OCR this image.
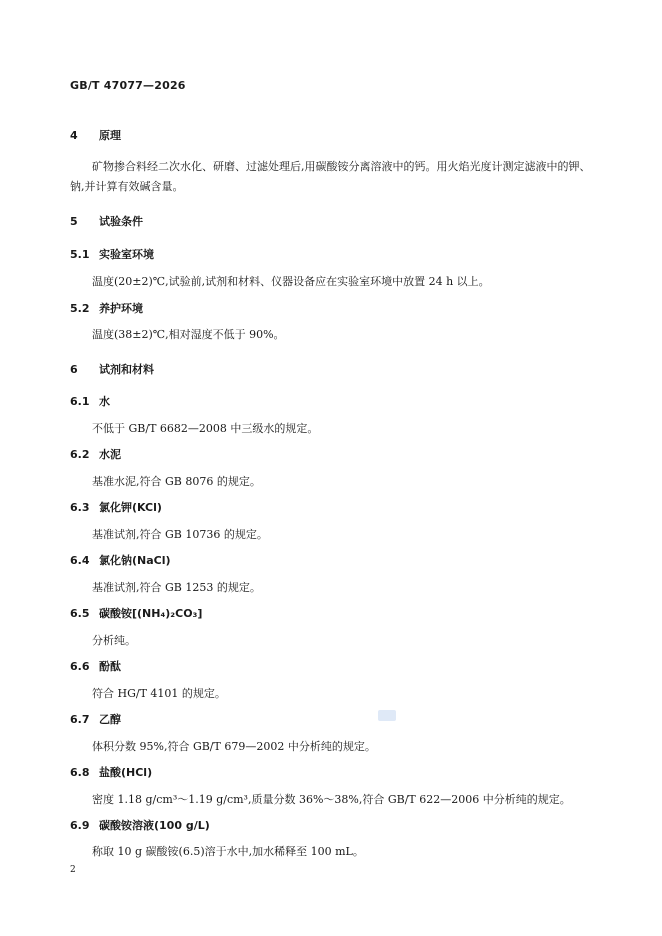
GB/T 47077—2026
4 原理
矿物掺合料经二次水化、研磨、过滤处理后,用碳酸铵分离溶液中的钙。用火焰光度计测定滤液中的钾、钠,并计算有效碱含量。
5 试验条件
5.1 实验室环境
温度(20±2)℃,试验前,试剂和材料、仪器设备应在实验室环境中放置 24 h 以上。
5.2 养护环境
温度(38±2)℃,相对湿度不低于 90%。
6 试剂和材料
6.1 水
不低于 GB/T 6682—2008 中三级水的规定。
6.2 水泥
基准水泥,符合 GB 8076 的规定。
6.3 氯化钾(KCl)
基准试剂,符合 GB 10736 的规定。
6.4 氯化钠(NaCl)
基准试剂,符合 GB 1253 的规定。
6.5 碳酸铵[(NH₄)₂CO₃]
分析纯。
6.6 酚酞
符合 HG/T 4101 的规定。
6.7 乙醇
体积分数 95%,符合 GB/T 679—2002 中分析纯的规定。
6.8 盐酸(HCl)
密度 1.18 g/cm³～1.19 g/cm³,质量分数 36%～38%,符合 GB/T 622—2006 中分析纯的规定。
6.9 碳酸铵溶液(100 g/L)
称取 10 g 碳酸铵(6.5)溶于水中,加水稀释至 100 mL。
2
